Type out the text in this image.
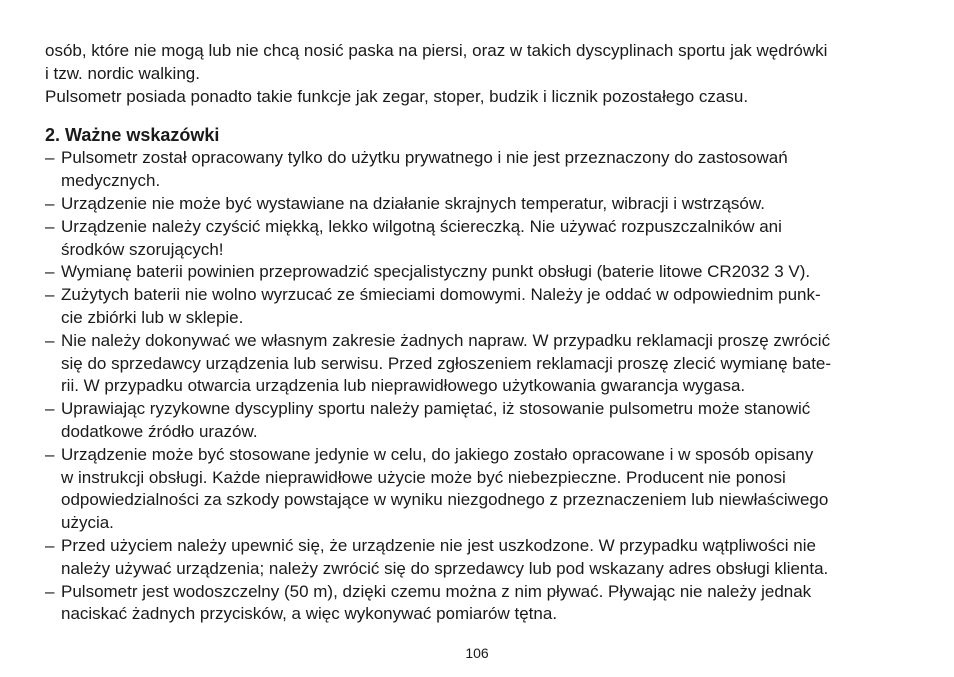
osób, które nie mogą lub nie chcą nosić paska na piersi, oraz w takich dyscyplinach sportu jak wędrówki
i tzw. nordic walking.

Pulsometr posiada ponadto takie funkcje jak zegar, stoper, budzik i licznik pozostałego czasu.

2. Ważne wskazówki
– Pulsometr został opracowany tylko do użytku prywatnego i nie jest przeznaczony do zastosowań
medycznych.
– Urządzenie nie może być wystawiane na działanie skrajnych temperatur, wibracji i wstrząsów.
– Urządzenie należy czyścić miękką, lekko wilgotną ściereczką. Nie używać rozpuszczalników ani
środków szorujących!
– Wymianę baterii powinien przeprowadzić specjalistyczny punkt obsługi (baterie litowe CR2032 3 V).
– Zużytych baterii nie wolno wyrzucać ze śmieciami domowymi. Należy je oddać w odpowiednim punk-
cie zbiórki lub w sklepie.
– Nie należy dokonywać we własnym zakresie żadnych napraw. W przypadku reklamacji proszę zwrócić
się do sprzedawcy urządzenia lub serwisu. Przed zgłoszeniem reklamacji proszę zlecić wymianę bate-
rii. W przypadku otwarcia urządzenia lub nieprawidłowego użytkowania gwarancja wygasa.
– Uprawiając ryzykowne dyscypliny sportu należy pamiętać, iż stosowanie pulsometru może stanowić
dodatkowe źródło urazów.
– Urządzenie może być stosowane jedynie w celu, do jakiego zostało opracowane i w sposób opisany
w instrukcji obsługi. Każde nieprawidłowe użycie może być niebezpieczne. Producent nie ponosi
odpowiedzialności za szkody powstające w wyniku niezgodnego z przeznaczeniem lub niewłaściwego
użycia.
– Przed użyciem należy upewnić się, że urządzenie nie jest uszkodzone. W przypadku wątpliwości nie
należy używać urządzenia; należy zwrócić się do sprzedawcy lub pod wskazany adres obsługi klienta.
– Pulsometr jest wodoszczelny (50 m), dzięki czemu można z nim pływać. Pływając nie należy jednak
naciskać żadnych przycisków, a więc wykonywać pomiarów tętna.
106
